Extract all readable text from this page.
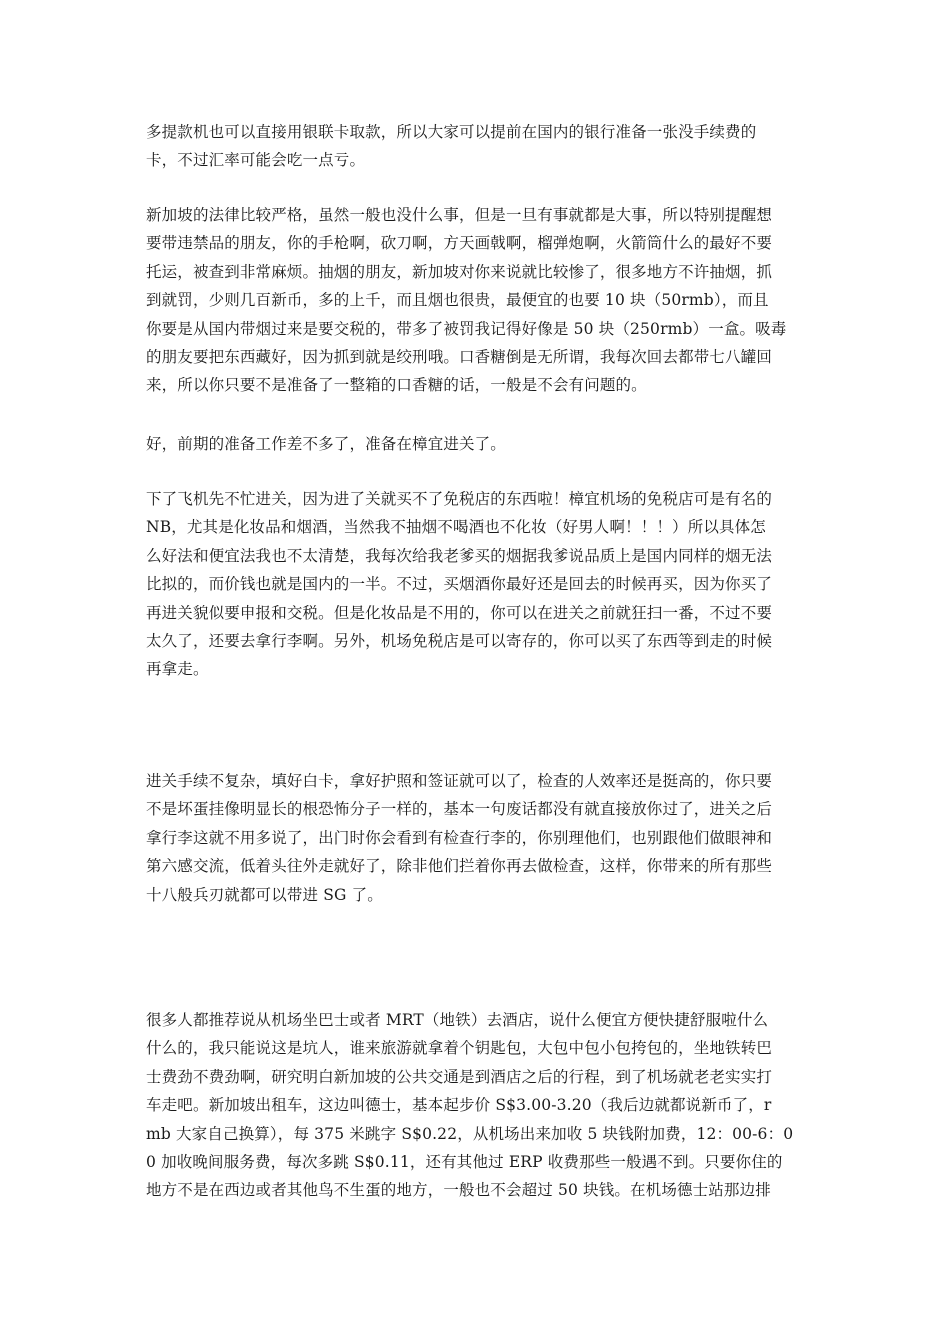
多提款机也可以直接用银联卡取款，所以大家可以提前在国内的银行准备一张没手续费的
卡，不过汇率可能会吃一点亏。
新加坡的法律比较严格，虽然一般也没什么事，但是一旦有事就都是大事，所以特别提醒想
要带违禁品的朋友，你的手枪啊，砍刀啊，方天画戟啊，榴弹炮啊，火箭筒什么的最好不要
托运，被查到非常麻烦。抽烟的朋友，新加坡对你来说就比较惨了，很多地方不许抽烟，抓
到就罚，少则几百新币，多的上千，而且烟也很贵，最便宜的也要 10 块（50rmb），而且
你要是从国内带烟过来是要交税的，带多了被罚我记得好像是 50 块（250rmb）一盒。吸毒
的朋友要把东西藏好，因为抓到就是绞刑哦。口香糖倒是无所谓，我每次回去都带七八罐回
来，所以你只要不是准备了一整箱的口香糖的话，一般是不会有问题的。
好，前期的准备工作差不多了，准备在樟宜进关了。
下了飞机先不忙进关，因为进了关就买不了免税店的东西啦！樟宜机场的免税店可是有名的
NB，尤其是化妆品和烟酒，当然我不抽烟不喝酒也不化妆（好男人啊！！！）所以具体怎
么好法和便宜法我也不太清楚，我每次给我老爹买的烟据我爹说品质上是国内同样的烟无法
比拟的，而价钱也就是国内的一半。不过，买烟酒你最好还是回去的时候再买，因为你买了
再进关貌似要申报和交税。但是化妆品是不用的，你可以在进关之前就狂扫一番，不过不要
太久了，还要去拿行李啊。另外，机场免税店是可以寄存的，你可以买了东西等到走的时候
再拿走。
进关手续不复杂，填好白卡，拿好护照和签证就可以了，检查的人效率还是挺高的，你只要
不是坏蛋挂像明显长的根恐怖分子一样的，基本一句废话都没有就直接放你过了，进关之后
拿行李这就不用多说了，出门时你会看到有检查行李的，你别理他们，也别跟他们做眼神和
第六感交流，低着头往外走就好了，除非他们拦着你再去做检查，这样，你带来的所有那些
十八般兵刃就都可以带进 SG 了。
很多人都推荐说从机场坐巴士或者 MRT（地铁）去酒店，说什么便宜方便快捷舒服啦什么
什么的，我只能说这是坑人，谁来旅游就拿着个钥匙包，大包中包小包挎包的，坐地铁转巴
士费劲不费劲啊，研究明白新加坡的公共交通是到酒店之后的行程，到了机场就老老实实打
车走吧。新加坡出租车，这边叫德士，基本起步价 S$3.00-3.20（我后边就都说新币了，r
mb 大家自己换算），每 375 米跳字 S$0.22，从机场出来加收 5 块钱附加费，12：00-6：0
0 加收晚间服务费，每次多跳 S$0.11，还有其他过 ERP 收费那些一般遇不到。只要你住的
地方不是在西边或者其他鸟不生蛋的地方，一般也不会超过 50 块钱。在机场德士站那边排
